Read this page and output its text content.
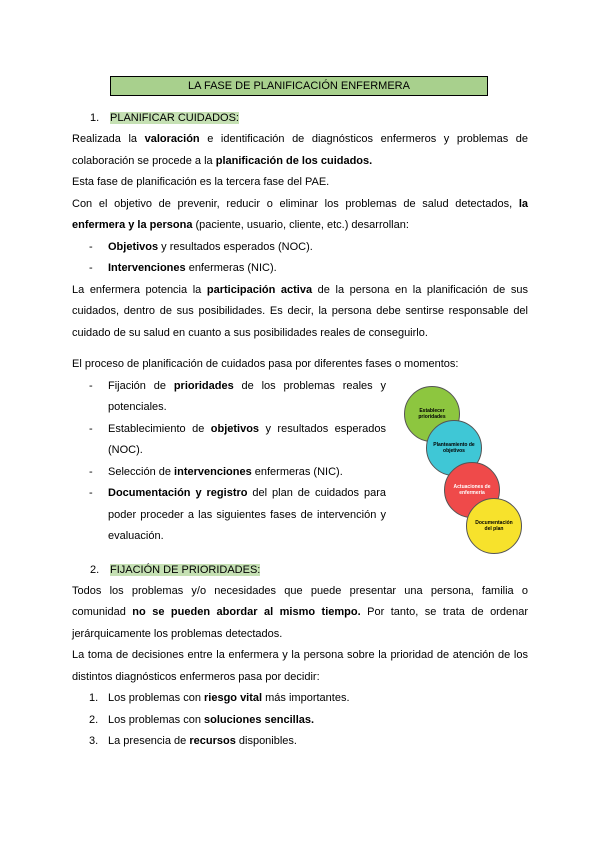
LA FASE DE PLANIFICACIÓN ENFERMERA
1. PLANIFICAR CUIDADOS:

Realizada la valoración e identificación de diagnósticos enfermeros y problemas de

colaboración se procede a la planificación de los cuidados.

Esta fase de planificación es la tercera fase del PAE.

Con el objetivo de prevenir, reducir o eliminar los problemas de salud detectados, la

enfermera y la persona (paciente, usuario, cliente, etc.) desarrollan:

- Objetivos y resultados esperados (NOC).
- Intervenciones enfermeras (NIC).

La enfermera potencia la participación activa de la persona en la planificación de sus

cuidados, dentro de sus posibilidades. Es decir, la persona debe sentirse responsable del

cuidado de su salud en cuanto a sus posibilidades reales de conseguirlo.

El proceso de planificación de cuidados pasa por diferentes fases o momentos:

- Fijación de prioridades de los problemas reales y potenciales.
- Establecimiento de objetivos y resultados esperados (NOC).
- Selección de intervenciones enfermeras (NIC).
- Documentación y registro del plan de cuidados para poder proceder a las siguientes fases de intervención y evaluación.
Establecer prioridades
Planteamiento de objetivos
Actuaciones de enfermería
Documentación del plan
2. FIJACIÓN DE PRIORIDADES:

Todos los problemas y/o necesidades que puede presentar una persona, familia o

comunidad no se pueden abordar al mismo tiempo. Por tanto, se trata de ordenar

jerárquicamente los problemas detectados.

La toma de decisiones entre la enfermera y la persona sobre la prioridad de atención de los

distintos diagnósticos enfermeros pasa por decidir:

1. Los problemas con riesgo vital más importantes.
2. Los problemas con soluciones sencillas.
3. La presencia de recursos disponibles.
